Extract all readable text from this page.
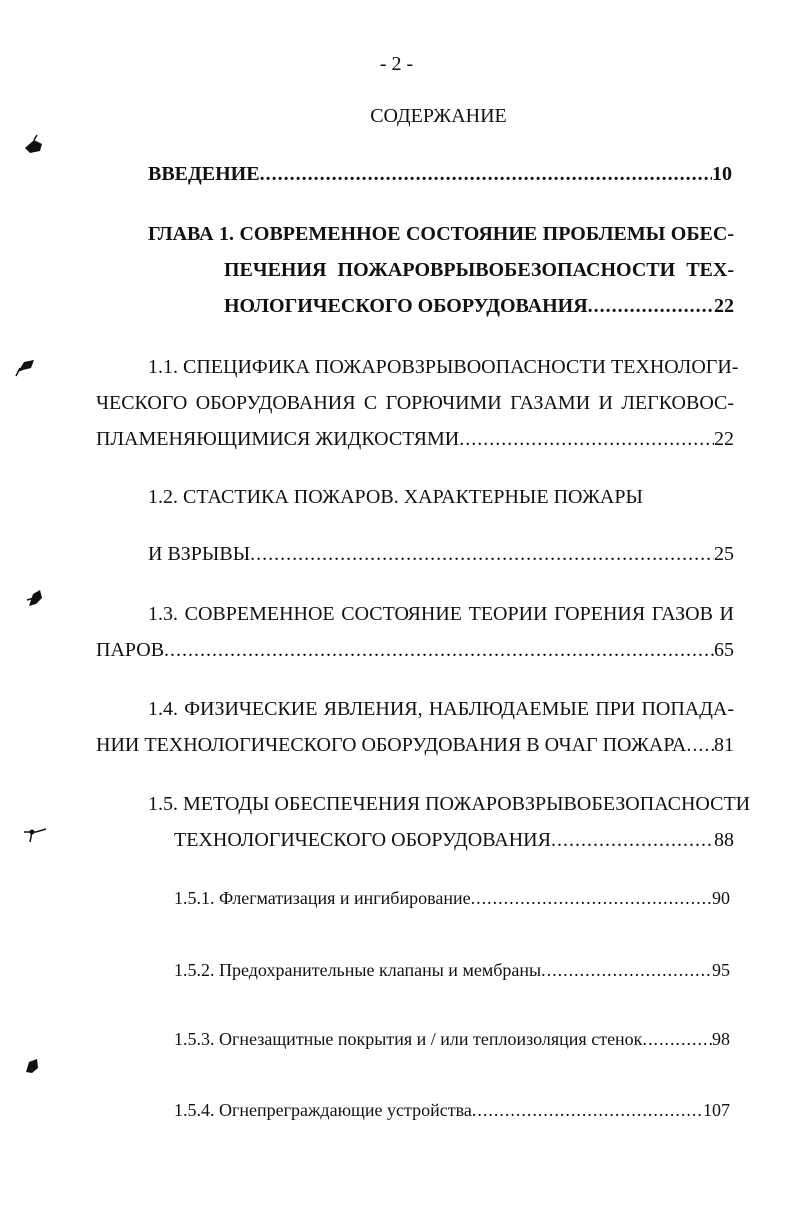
- 2 -
СОДЕРЖАНИЕ
ВВЕДЕНИЕ .....	10
ГЛАВА 1. СОВРЕМЕННОЕ СОСТОЯНИЕ ПРОБЛЕМЫ ОБЕС-
ПЕЧЕНИЯ ПОЖАРОВРЫВОБЕЗОПАСНОСТИ ТЕХ-
НОЛОГИЧЕСКОГО ОБОРУДОВАНИЯ .....	22
1.1. СПЕЦИФИКА ПОЖАРОВЗРЫВООПАСНОСТИ ТЕХНОЛОГИ-
ЧЕСКОГО ОБОРУДОВАНИЯ С ГОРЮЧИМИ ГАЗАМИ И ЛЕГКОВОС-
ПЛАМЕНЯЮЩИМИСЯ ЖИДКОСТЯМИ .....	22
1.2. СТАСТИКА ПОЖАРОВ. ХАРАКТЕРНЫЕ ПОЖАРЫ
И ВЗРЫВЫ .....	25
1.3. СОВРЕМЕННОЕ СОСТОЯНИЕ ТЕОРИИ ГОРЕНИЯ ГАЗОВ И
ПАРОВ .....	65
1.4. ФИЗИЧЕСКИЕ ЯВЛЕНИЯ, НАБЛЮДАЕМЫЕ ПРИ ПОПАДА-
НИИ ТЕХНОЛОГИЧЕСКОГО ОБОРУДОВАНИЯ В ОЧАГ ПОЖАРА ..... 81
1.5. МЕТОДЫ ОБЕСПЕЧЕНИЯ ПОЖАРОВЗРЫВОБЕЗОПАСНОСТИ
ТЕХНОЛОГИЧЕСКОГО ОБОРУДОВАНИЯ .....	88
1.5.1. Флегматизация и ингибирование .....	90
1.5.2. Предохранительные клапаны и мембраны .....	95
1.5.3. Огнезащитные покрытия и / или теплоизоляция стенок .....	98
1.5.4. Огнепреграждающие устройства .....	107
